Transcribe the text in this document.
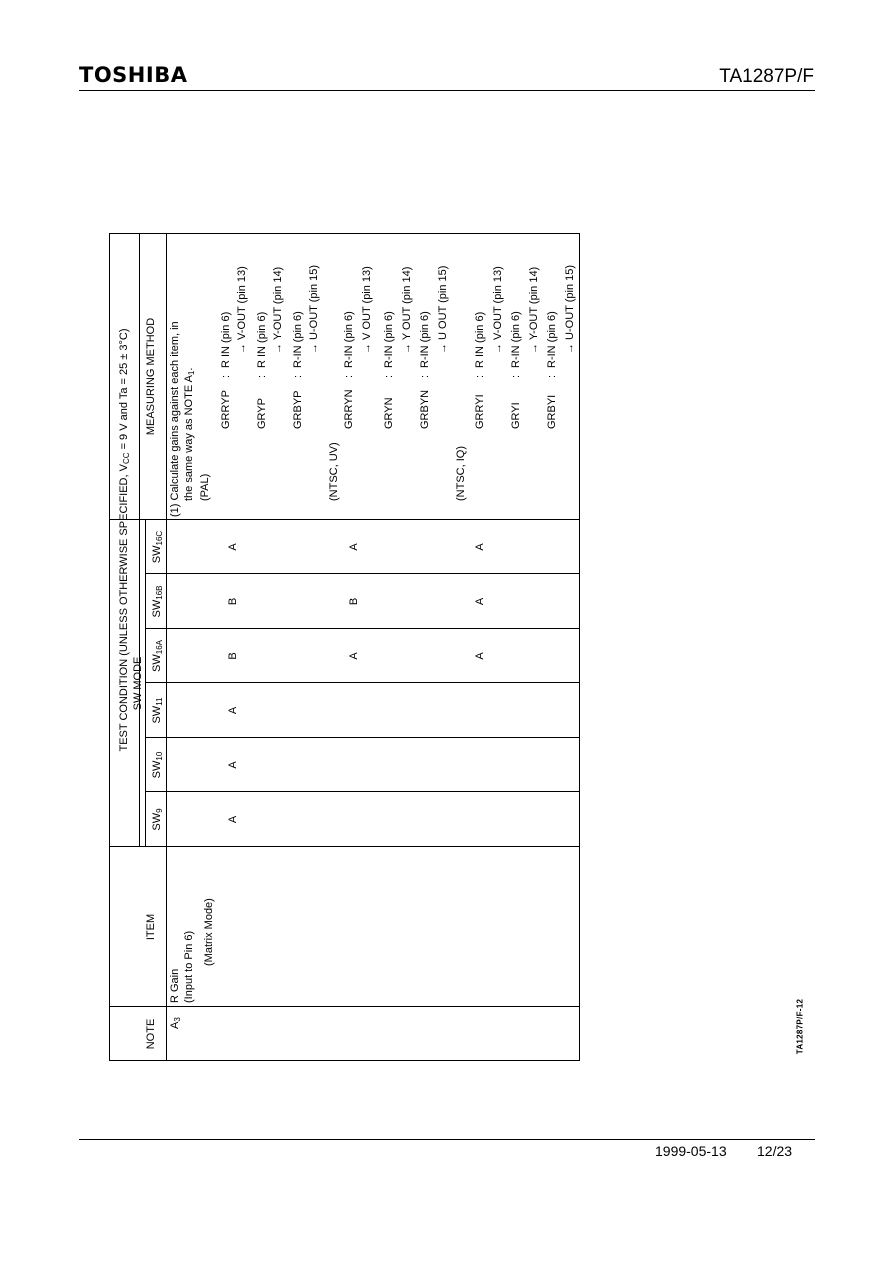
TOSHIBA	TA1287P/F
NOTE
ITEM
TEST CONDITION (UNLESS OTHERWISE SPECIFIED, $V_{CC} = 9$ V and Ta = 25 ± 3°C)
SW MODE
MEASURING METHOD
$SW_9$
$SW_{10}$
$SW_{11}$
$SW_{16A}$
$SW_{16B}$
$SW_{16C}$
$A_3$
R Gain (Input to Pin 6) (Matrix Mode)
A
A
A
B
B
A
A
B
A
A
A
A
(1) Calculate gains against each item, in the same way as NOTE $A_1$.
(PAL)
GRRYP
:
R IN (pin 6) → V-OUT (pin 13)
GRYP
:
R IN (pin 6) → Y-OUT (pin 14)
GRBYP
:
R-IN (pin 6) → U-OUT (pin 15)
(NTSC, UV)
GRRYN
:
R-IN (pin 6) → V OUT (pin 13)
GRYN
:
R-IN (pin 6) → Y OUT (pin 14)
GRBYN
:
R-IN (pin 6) → U OUT (pin 15)
(NTSC, IQ)
GRRYI
:
R IN (pin 6) → V-OUT (pin 13)
GRYI
:
R-IN (pin 6) → Y-OUT (pin 14)
GRBYI
:
R-IN (pin 6) → U-OUT (pin 15)
TA1287P/F-12
1999-05-13 12/23
